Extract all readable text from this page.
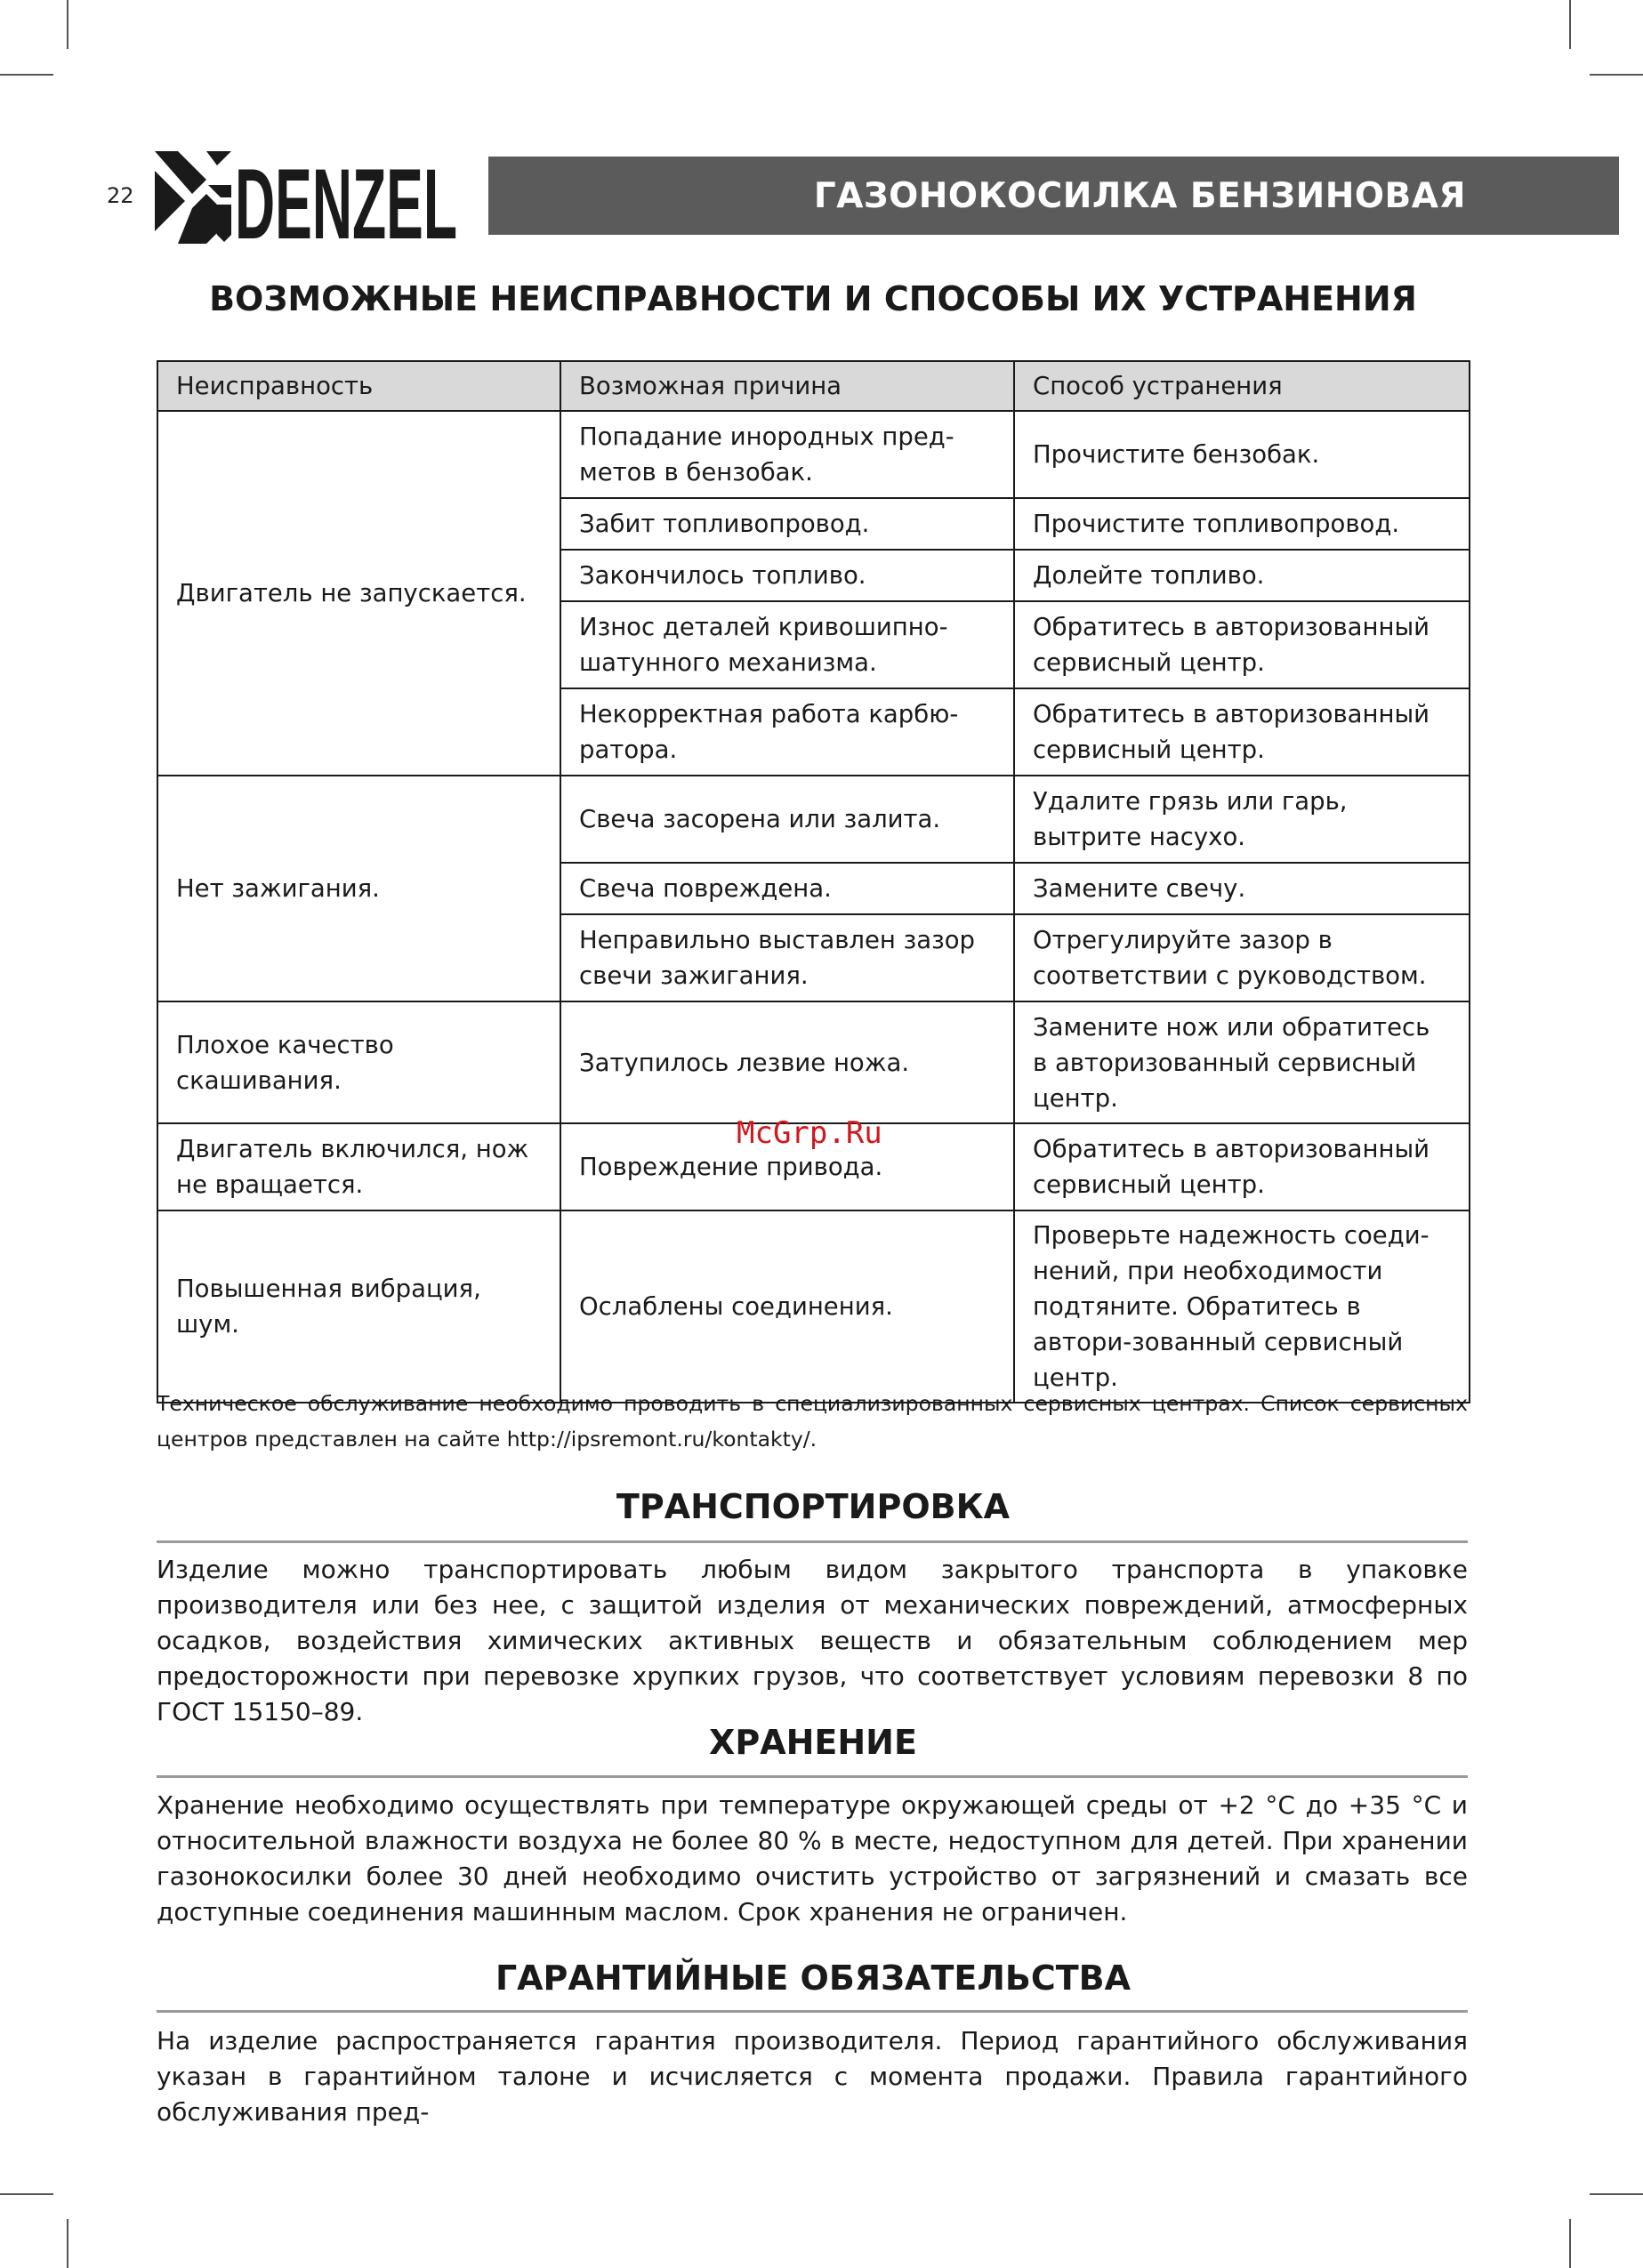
22 DENZEL	ГАЗОНОКОСИЛКА БЕНЗИНОВАЯ
ВОЗМОЖНЫЕ НЕИСПРАВНОСТИ И СПОСОБЫ ИХ УСТРАНЕНИЯ
Неисправность	Возможная причина	Способ устранения
Двигатель не запускается.	Попадание инородных пред-метов в бензобак.	Прочистите бензобак.
	Забит топливопровод.	Прочистите топливопровод.
	Закончилось топливо.	Долейте топливо.
	Износ деталей кривошипно-шатунного механизма.	Обратитесь в авторизованный сервисный центр.
	Некорректная работа карбю-ратора.	Обратитесь в авторизованный сервисный центр.
Нет зажигания.	Свеча засорена или залита.	Удалите грязь или гарь, вытрите насухо.
	Свеча повреждена.	Замените свечу.
	Неправильно выставлен зазор свечи зажигания.	Отрегулируйте зазор в соответствии с руководством.
Плохое качество скашивания.	Затупилось лезвие ножа.	Замените нож или обратитесь в авторизованный сервисный центр.
Двигатель включился, нож не вращается.	Повреждение привода.	Обратитесь в авторизованный сервисный центр.
Повышенная вибрация, шум.	Ослаблены соединения.	Проверьте надежность соеди-нений, при необходимости подтяните. Обратитесь в автори-зованный сервисный центр.
McGrp.Ru
Техническое обслуживание необходимо проводить в специализированных сервисных центрах. Список сервисных центров представлен на сайте http://ipsremont.ru/kontakty/.
ТРАНСПОРТИРОВКА
Изделие можно транспортировать любым видом закрытого транспорта в упаковке производителя или без нее, с защитой изделия от механических повреждений, атмосферных осадков, воздействия химических активных веществ и обязательным соблюдением мер предосторожности при перевозке хрупких грузов, что соответствует условиям перевозки 8 по ГОСТ 15150–89.
ХРАНЕНИЕ
Хранение необходимо осуществлять при температуре окружающей среды от +2 °С до +35 °С и относительной влажности воздуха не более 80 % в месте, недоступном для детей. При хранении газонокосилки более 30 дней необходимо очистить устройство от загрязнений и смазать все доступные соединения машинным маслом. Срок хранения не ограничен.
ГАРАНТИЙНЫЕ ОБЯЗАТЕЛЬСТВА
На изделие распространяется гарантия производителя. Период гарантийного обслуживания указан в гарантийном талоне и исчисляется с момента продажи. Правила гарантийного обслуживания пред-
